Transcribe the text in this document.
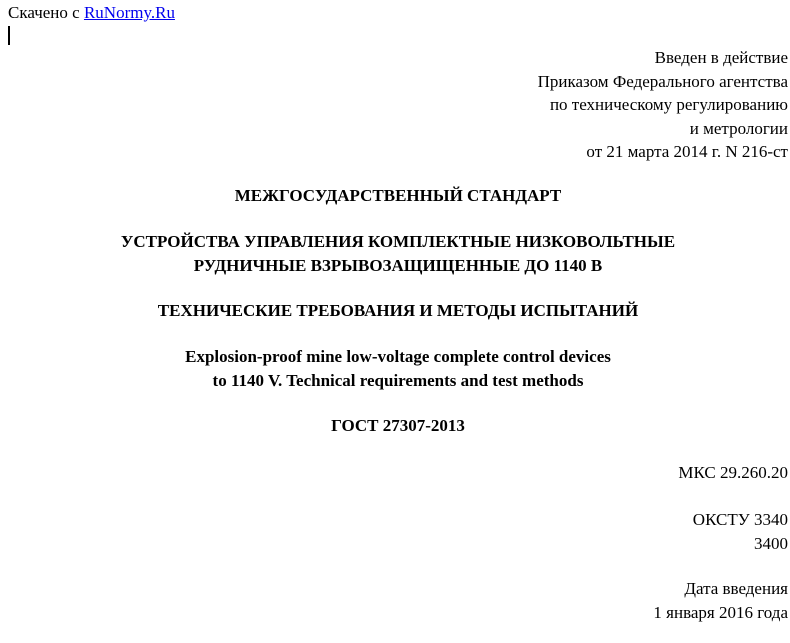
Скачено с RuNormy.Ru
Введен в действие
Приказом Федерального агентства
по техническому регулированию
и метрологии
от 21 марта 2014 г. N 216-ст
МЕЖГОСУДАРСТВЕННЫЙ СТАНДАРТ
УСТРОЙСТВА УПРАВЛЕНИЯ КОМПЛЕКТНЫЕ НИЗКОВОЛЬТНЫЕ
РУДНИЧНЫЕ ВЗРЫВОЗАЩИЩЕННЫЕ ДО 1140 В
ТЕХНИЧЕСКИЕ ТРЕБОВАНИЯ И МЕТОДЫ ИСПЫТАНИЙ
Explosion-proof mine low-voltage complete control devices
to 1140 V. Technical requirements and test methods
ГОСТ 27307-2013
МКС 29.260.20
ОКСТУ 3340
3400
Дата введения
1 января 2016 года
